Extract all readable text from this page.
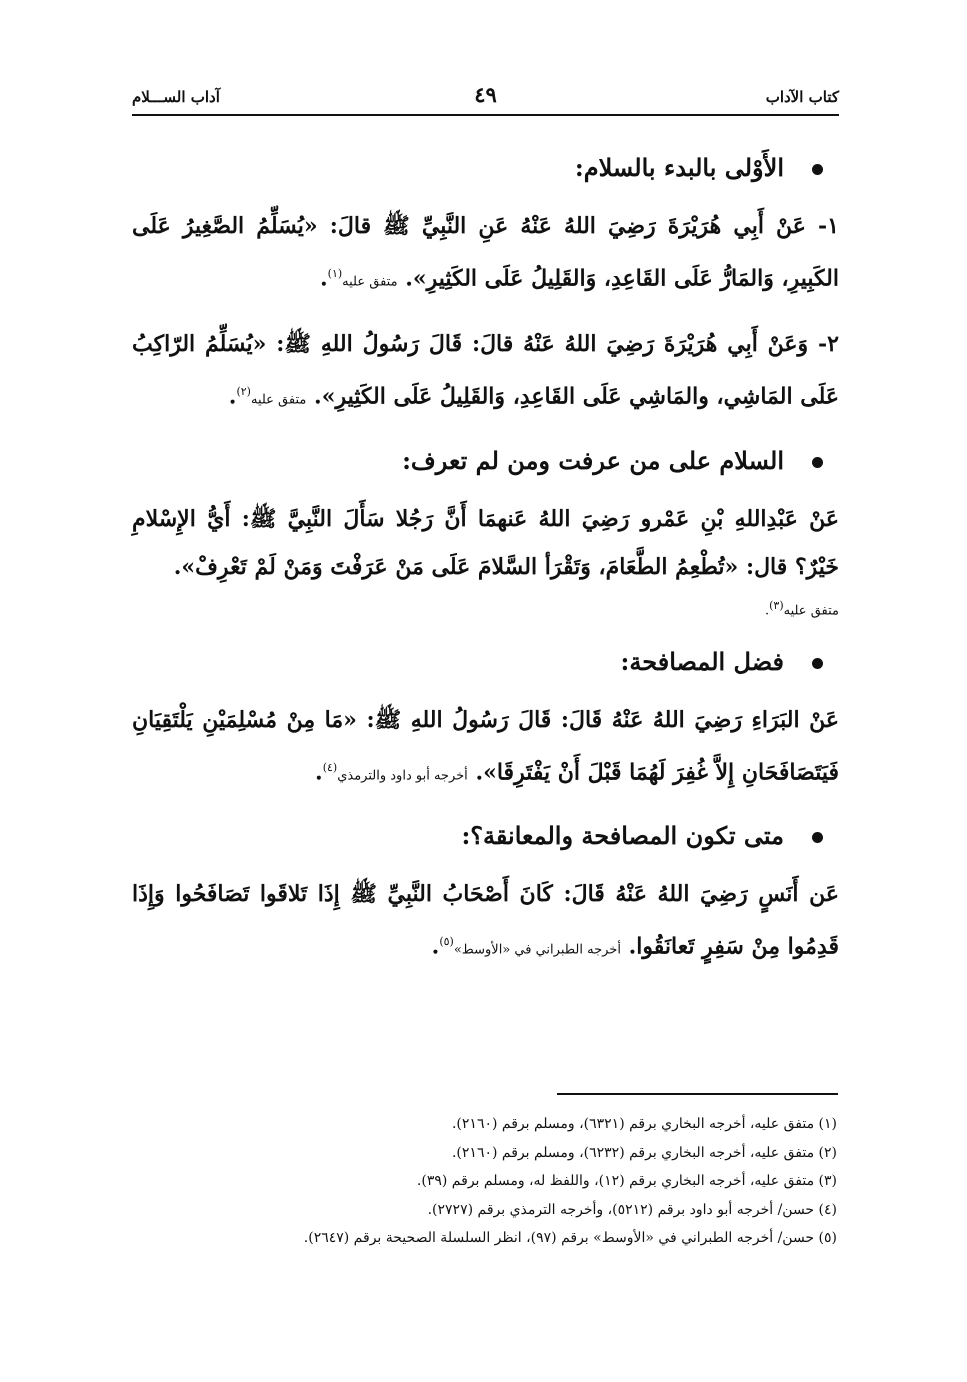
كتاب الآداب
٤٩
آداب الســـلام
الأَوْلى بالبدء بالسلام:

١- عَنْ أَبِي هُرَيْرَةَ رَضِيَ اللهُ عَنْهُ عَنِ النَّبِيِّ ﷺ قالَ: «يُسَلِّمُ الصَّغِيرُ عَلَى الكَبِيرِ، وَالمَارُّ عَلَى القَاعِدِ، وَالقَلِيلُ عَلَى الكَثِيرِ». متفق عليه$^{(١)}$.

٢- وَعَنْ أَبِي هُرَيْرَةَ رَضِيَ اللهُ عَنْهُ قالَ: قَالَ رَسُولُ اللهِ ﷺ: «يُسَلِّمُ الرّاكِبُ عَلَى المَاشِي، والمَاشِي عَلَى القَاعِدِ، وَالقَلِيلُ عَلَى الكَثِيرِ». متفق عليه$^{(٢)}$.

السلام على من عرفت ومن لم تعرف:

عَنْ عَبْدِاللهِ بْنِ عَمْرو رَضِيَ اللهُ عَنهمَا أَنَّ رَجُلا سَأَلَ النَّبِيَّ ﷺ: أَيُّ الإِسْلامِ خَيْرٌ؟ قال: «تُطْعِمُ الطَّعَامَ، وَتَقْرَأ السَّلامَ عَلَى مَنْ عَرَفْتَ وَمَنْ لَمْ تَعْرِفْ».
متفق عليه$^{(٣)}$.

فضل المصافحة:

عَنْ البَرَاءِ رَضِيَ اللهُ عَنْهُ قَالَ: قَالَ رَسُولُ اللهِ ﷺ: «مَا مِنْ مُسْلِمَيْنِ يَلْتَقِيَانِ فَيَتَصَافَحَانِ إِلاَّ غُفِرَ لَهُمَا قَبْلَ أَنْ يَفْتَرِقَا». أخرجه أبو داود والترمذي$^{(٤)}$.

متى تكون المصافحة والمعانقة؟:

عَن أَنَسٍ رَضِيَ اللهُ عَنْهُ قَالَ: كَانَ أَصْحَابُ النَّبِيِّ ﷺ إِذَا تَلاقَوا تَصَافَحُوا وَإِذَا قَدِمُوا مِنْ سَفِرٍ تَعانَقُوا. أخرجه الطبراني في «الأوسط»$^{(٥)}$.

(١) متفق عليه، أخرجه البخاري برقم (٦٣٢١)، ومسلم برقم (٢١٦٠).
(٢) متفق عليه، أخرجه البخاري برقم (٦٢٣٢)، ومسلم برقم (٢١٦٠).
(٣) متفق عليه، أخرجه البخاري برقم (١٢)، واللفظ له، ومسلم برقم (٣٩).
(٤) حسن/ أخرجه أبو داود برقم (٥٢١٢)، وأخرجه الترمذي برقم (٢٧٢٧).
(٥) حسن/ أخرجه الطبراني في «الأوسط» برقم (٩٧)، انظر السلسلة الصحيحة برقم (٢٦٤٧).
